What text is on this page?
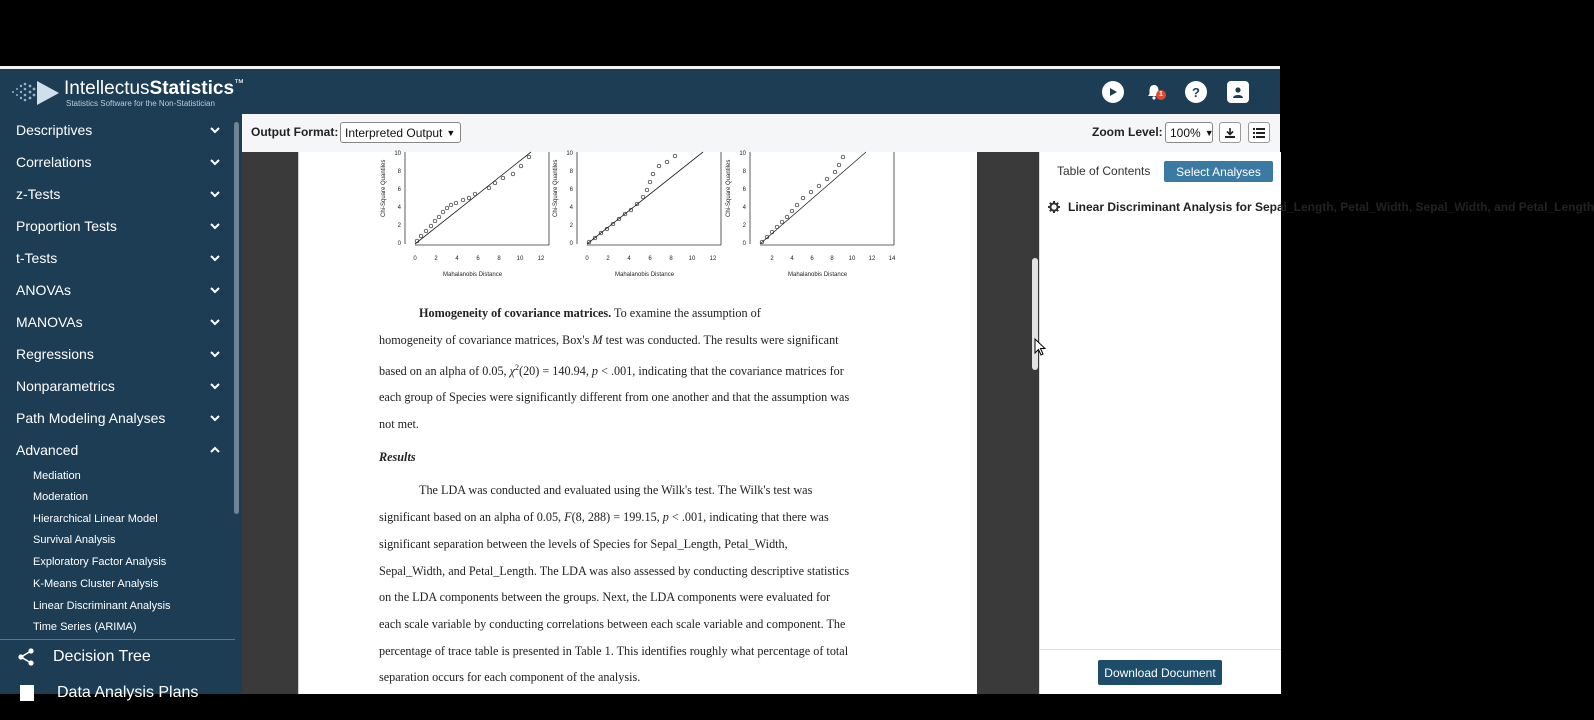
IntellectusStatistics™
Statistics Software for the Non-Statistician
1	?
Descriptives
Correlations
z-Tests
Proportion Tests
t-Tests
ANOVAs
MANOVAs
Regressions
Nonparametrics
Path Modeling Analyses
Advanced
Mediation
Moderation
Hierarchical Linear Model
Survival Analysis
Exploratory Factor Analysis
K-Means Cluster Analysis
Linear Discriminant Analysis
Time Series (ARIMA)
Decision Tree
Data Analysis Plans
Output Format: Interpreted Output ▼	Zoom Level: 100% ▼
Chi-Square Quantiles
0	2	4	6	8	10 12
0
2
4
6
8
10
Mahalanobis Distance
Chi-Square Quantiles
0	2	4	6	8	10 12
0
2
4
6
8
10
Mahalanobis Distance
Chi-Square Quantiles
2	4	6	8 10 12 14
0
2
4
6
8
10
Mahalanobis Distance
Homogeneity of covariance matrices. To examine the assumption of
homogeneity of covariance matrices, Box's M test was conducted. The results were significant
based on an alpha of 0.05, $\chi^2(20) = 140.94$, p < .001, indicating that the covariance matrices for
each group of Species were significantly different from one another and that the assumption was
not met.
Results
The LDA was conducted and evaluated using the Wilk's test. The Wilk's test was
significant based on an alpha of 0.05, F(8, 288) = 199.15, p < .001, indicating that there was
significant separation between the levels of Species for Sepal_Length, Petal_Width,
Sepal_Width, and Petal_Length. The LDA was also assessed by conducting descriptive statistics
on the LDA components between the groups. Next, the LDA components were evaluated for
each scale variable by conducting correlations between each scale variable and component. The
percentage of trace table is presented in Table 1. This identifies roughly what percentage of total
separation occurs for each component of the analysis.
Table of Contents	Select Analyses
Linear Discriminant Analysis for Sepal_Length, Petal_Width, Sepal_Width, and Petal_Length
Download Document
